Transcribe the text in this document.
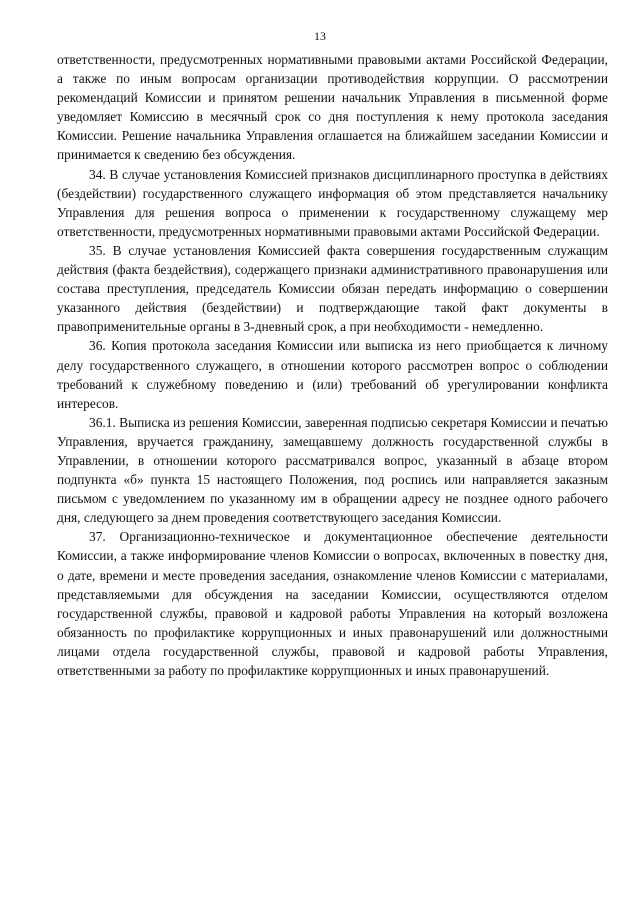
13

ответственности, предусмотренных нормативными правовыми актами Российской Федерации, а также по иным вопросам организации противодействия коррупции. О рассмотрении рекомендаций Комиссии и принятом решении начальник Управления в письменной форме уведомляет Комиссию в месячный срок со дня поступления к нему протокола заседания Комиссии. Решение начальника Управления оглашается на ближайшем заседании Комиссии и принимается к сведению без обсуждения.

34. В случае установления Комиссией признаков дисциплинарного проступка в действиях (бездействии) государственного служащего информация об этом представляется начальнику Управления для решения вопроса о применении к государственному служащему мер ответственности, предусмотренных нормативными правовыми актами Российской Федерации.

35. В случае установления Комиссией факта совершения государственным служащим действия (факта бездействия), содержащего признаки административного правонарушения или состава преступления, председатель Комиссии обязан передать информацию о совершении указанного действия (бездействии) и подтверждающие такой факт документы в правоприменительные органы в 3-дневный срок, а при необходимости - немедленно.

36. Копия протокола заседания Комиссии или выписка из него приобщается к личному делу государственного служащего, в отношении которого рассмотрен вопрос о соблюдении требований к служебному поведению и (или) требований об урегулировании конфликта интересов.

36.1. Выписка из решения Комиссии, заверенная подписью секретаря Комиссии и печатью Управления, вручается гражданину, замещавшему должность государственной службы в Управлении, в отношении которого рассматривался вопрос, указанный в абзаце втором подпункта «б» пункта 15 настоящего Положения, под роспись или направляется заказным письмом с уведомлением по указанному им в обращении адресу не позднее одного рабочего дня, следующего за днем проведения соответствующего заседания Комиссии.

37. Организационно-техническое и документационное обеспечение деятельности Комиссии, а также информирование членов Комиссии о вопросах, включенных в повестку дня, о дате, времени и месте проведения заседания, ознакомление членов Комиссии с материалами, представляемыми для обсуждения на заседании Комиссии, осуществляются отделом государственной службы, правовой и кадровой работы Управления на который возложена обязанность по профилактике коррупционных и иных правонарушений или должностными лицами отдела государственной службы, правовой и кадровой работы Управления, ответственными за работу по профилактике коррупционных и иных правонарушений.
